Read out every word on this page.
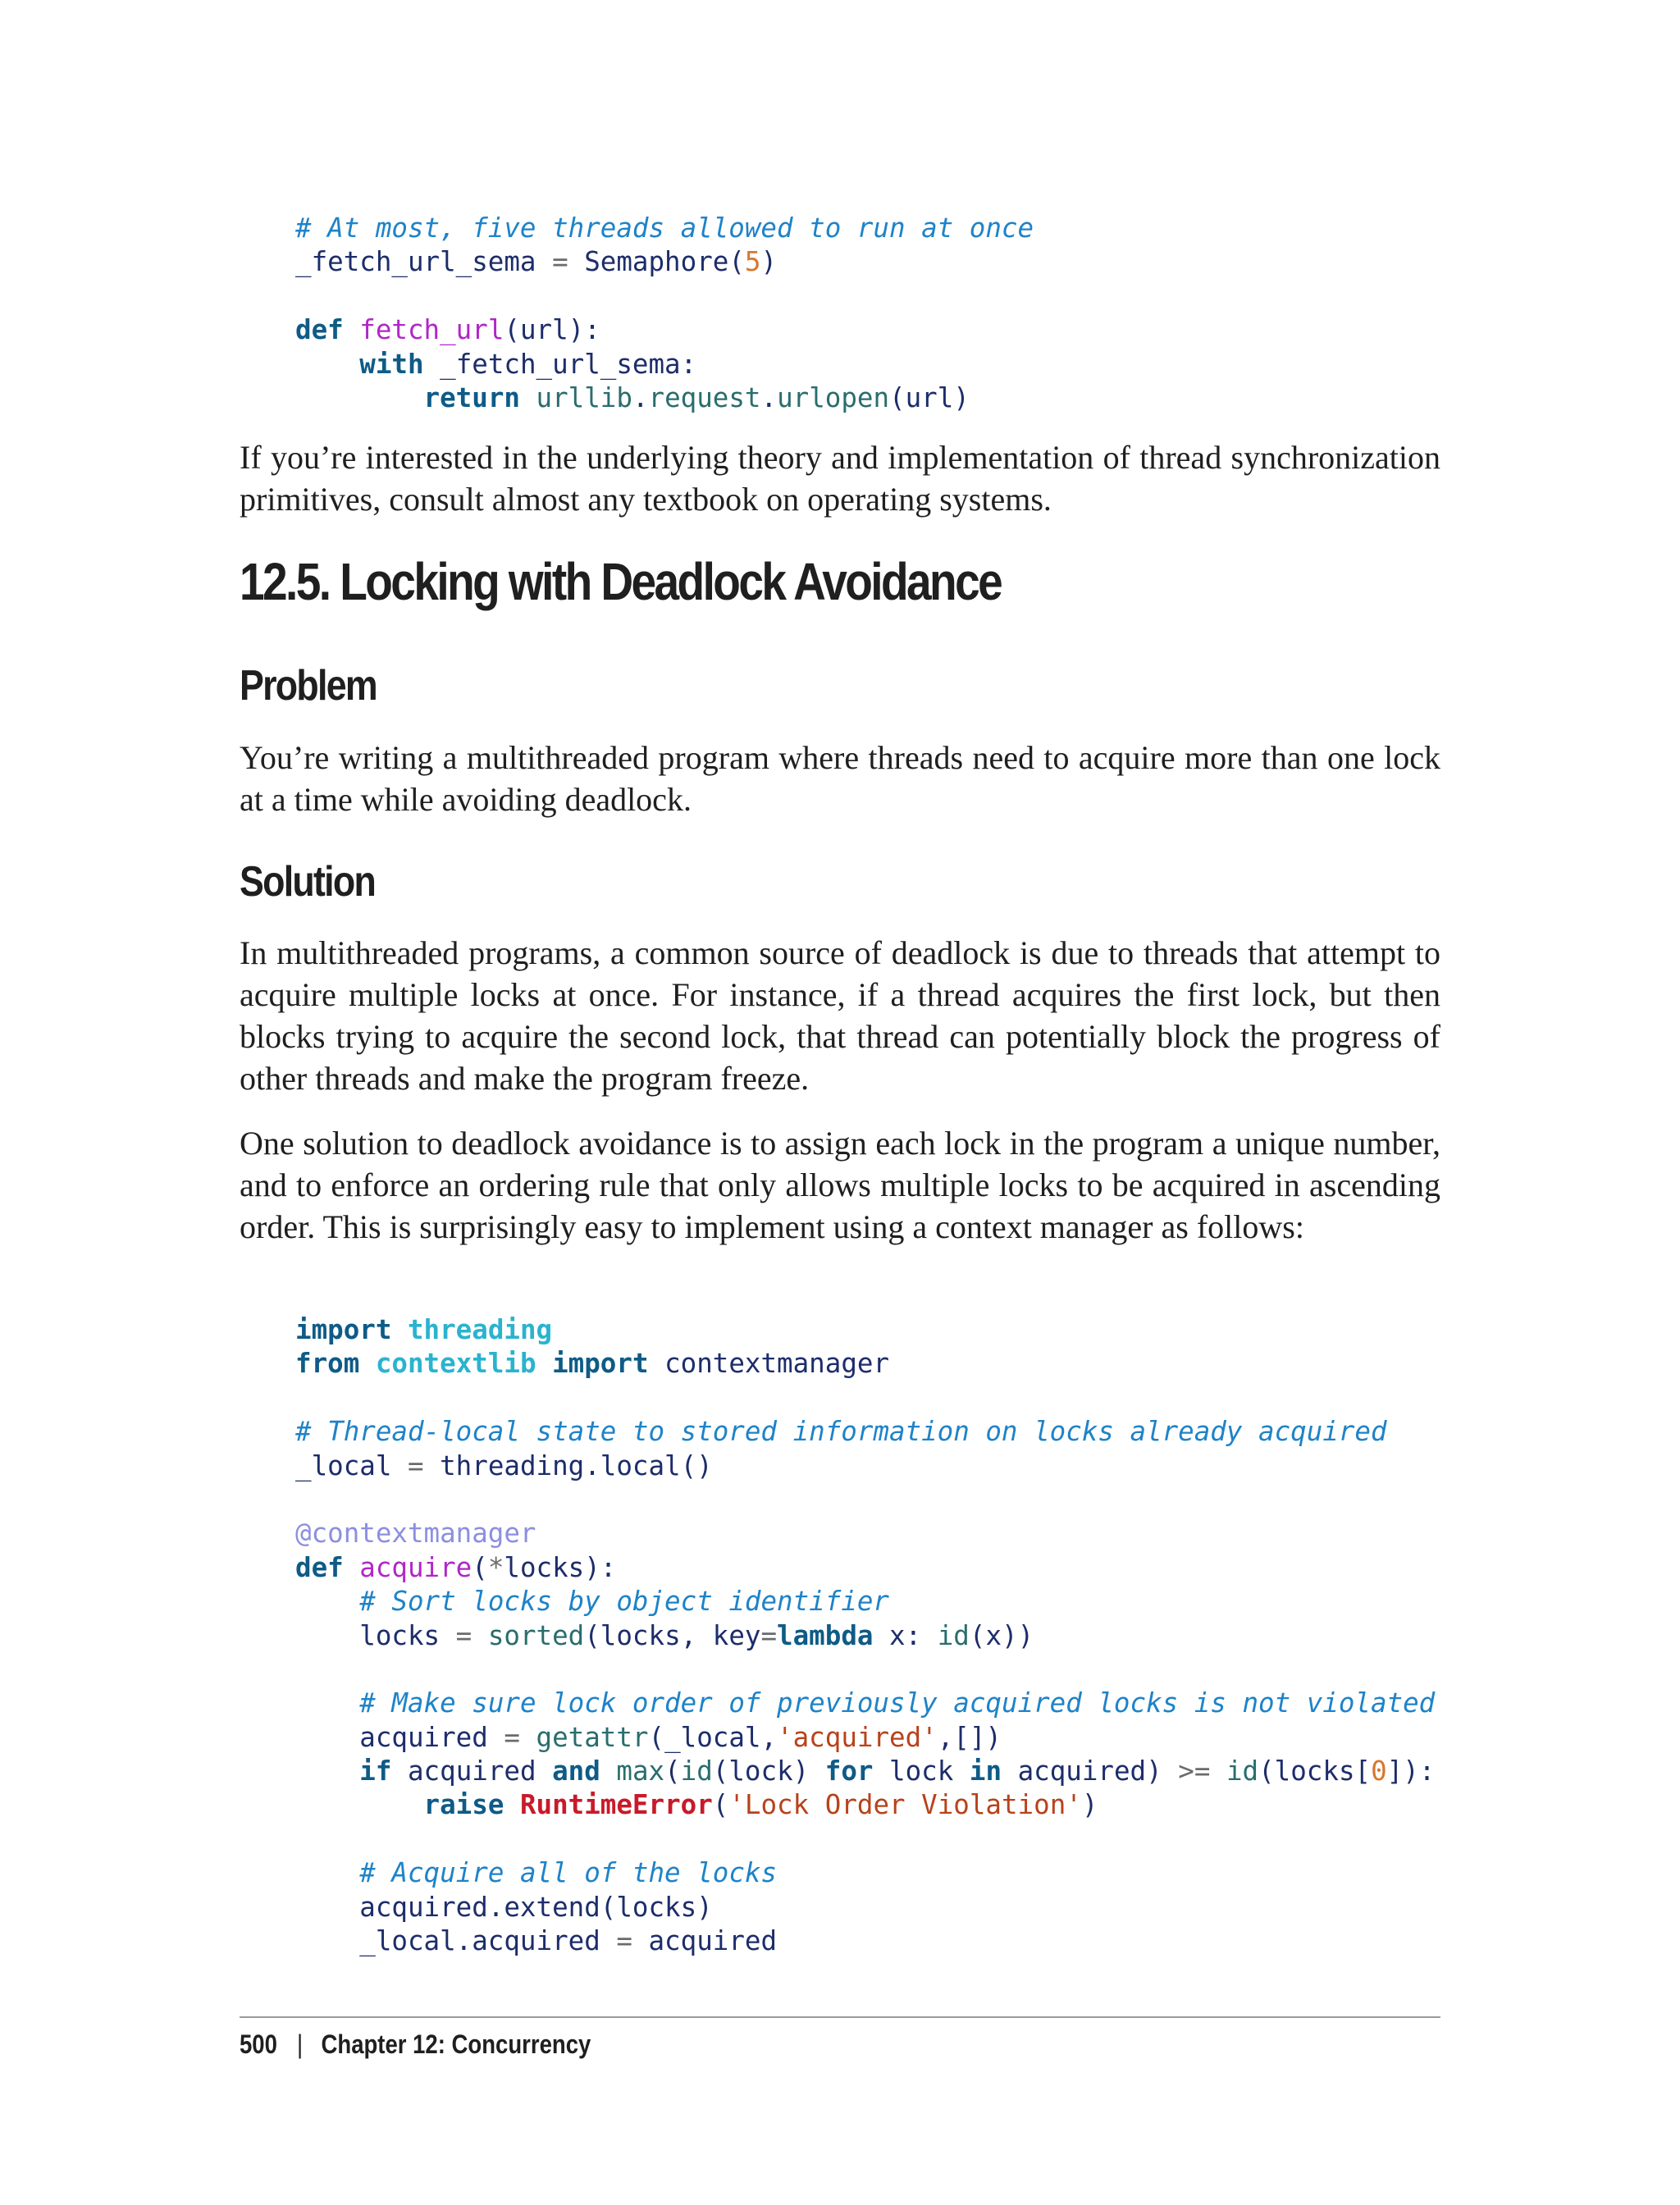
# At most, five threads allowed to run at once
_fetch_url_sema = Semaphore(5)

def fetch_url(url):
with _fetch_url_sema:
return urllib.request.urlopen(url)

If you’re interested in the underlying theory and implementation of thread synchronization primitives, consult almost any textbook on operating systems.

12.5. Locking with Deadlock Avoidance
Problem

You’re writing a multithreaded program where threads need to acquire more than one lock at a time while avoiding deadlock.

Solution

In multithreaded programs, a common source of deadlock is due to threads that attempt to acquire multiple locks at once. For instance, if a thread acquires the first lock, but then blocks trying to acquire the second lock, that thread can potentially block the progress of other threads and make the program freeze.

One solution to deadlock avoidance is to assign each lock in the program a unique number, and to enforce an ordering rule that only allows multiple locks to be acquired in ascending order. This is surprisingly easy to implement using a context manager as follows:

import threading
from contextlib import contextmanager

# Thread-local state to stored information on locks already acquired
_local = threading.local()

@contextmanager
def acquire(*locks):
# Sort locks by object identifier
locks = sorted(locks, key=lambda x: id(x))

# Make sure lock order of previously acquired locks is not violated
acquired = getattr(_local,'acquired',[])
if acquired and max(id(lock) for lock in acquired) >= id(locks[0]):
raise RuntimeError('Lock Order Violation')

# Acquire all of the locks
acquired.extend(locks)
_local.acquired = acquired
500 | Chapter 12: Concurrency
